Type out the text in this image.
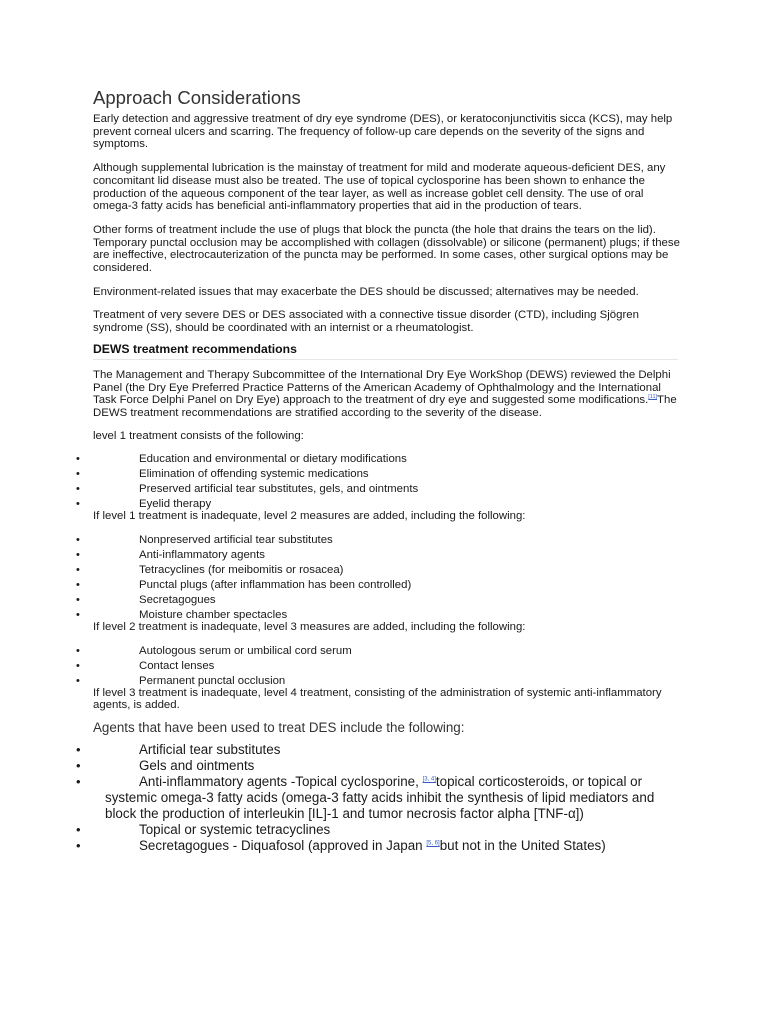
Approach Considerations

Early detection and aggressive treatment of dry eye syndrome (DES), or keratoconjunctivitis sicca (KCS), may help prevent corneal ulcers and scarring. The frequency of follow-up care depends on the severity of the signs and symptoms.

Although supplemental lubrication is the mainstay of treatment for mild and moderate aqueous-deficient DES, any concomitant lid disease must also be treated. The use of topical cyclosporine has been shown to enhance the production of the aqueous component of the tear layer, as well as increase goblet cell density. The use of oral omega-3 fatty acids has beneficial anti-inflammatory properties that aid in the production of tears.

Other forms of treatment include the use of plugs that block the puncta (the hole that drains the tears on the lid). Temporary punctal occlusion may be accomplished with collagen (dissolvable) or silicone (permanent) plugs; if these are ineffective, electrocauterization of the puncta may be performed. In some cases, other surgical options may be considered.

Environment-related issues that may exacerbate the DES should be discussed; alternatives may be needed.

Treatment of very severe DES or DES associated with a connective tissue disorder (CTD), including Sjögren syndrome (SS), should be coordinated with an internist or a rheumatologist.

DEWS treatment recommendations

The Management and Therapy Subcommittee of the International Dry Eye WorkShop (DEWS) reviewed the Delphi Panel (the Dry Eye Preferred Practice Patterns of the American Academy of Ophthalmology and the International Task Force Delphi Panel on Dry Eye) approach to the treatment of dry eye and suggested some modifications.[11]The DEWS treatment recommendations are stratified according to the severity of the disease.

level 1 treatment consists of the following:

•	Education and environmental or dietary modifications
•	Elimination of offending systemic medications
•	Preserved artificial tear substitutes, gels, and ointments
•	Eyelid therapy

If level 1 treatment is inadequate, level 2 measures are added, including the following:

•	Nonpreserved artificial tear substitutes
•	Anti-inflammatory agents
•	Tetracyclines (for meibomitis or rosacea)
•	Punctal plugs (after inflammation has been controlled)
•	Secretagogues
•	Moisture chamber spectacles

If level 2 treatment is inadequate, level 3 measures are added, including the following:

•	Autologous serum or umbilical cord serum
•	Contact lenses
•	Permanent punctal occlusion

If level 3 treatment is inadequate, level 4 treatment, consisting of the administration of systemic anti-inflammatory agents, is added.

Agents that have been used to treat DES include the following:

•	Artificial tear substitutes
•	Gels and ointments
•	Anti-inflammatory agents -Topical cyclosporine, [3, 4]topical corticosteroids, or topical or systemic omega-3 fatty acids (omega-3 fatty acids inhibit the synthesis of lipid mediators and block the production of interleukin [IL]-1 and tumor necrosis factor alpha [TNF-α])
•	Topical or systemic tetracyclines
•	Secretagogues - Diquafosol (approved in Japan [5, 6]but not in the United States)
